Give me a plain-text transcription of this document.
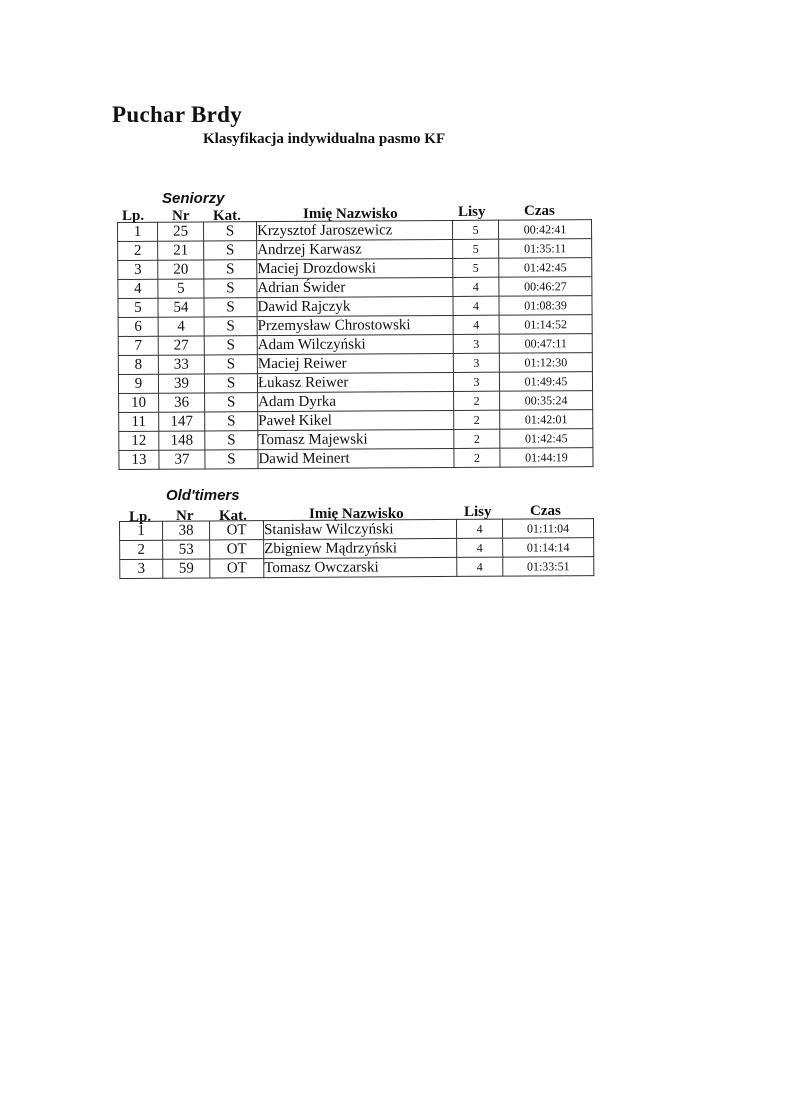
Puchar Brdy
Klasyfikacja indywidualna pasmo KF
Seniorzy
Lp. Nr Kat.	Imię Nazwisko	Lisy	Czas
1	25	S	Krzysztof Jaroszewicz	5	00:42:41
2	21	S	Andrzej Karwasz	5	01:35:11
3	20	S	Maciej Drozdowski	5	01:42:45
4	5	S	Adrian Świder	4	00:46:27
5	54	S	Dawid Rajczyk	4	01:08:39
6	4	S	Przemysław Chrostowski	4	01:14:52
7	27	S	Adam Wilczyński	3	00:47:11
8	33	S	Maciej Reiwer	3	01:12:30
9	39	S	Łukasz Reiwer	3	01:49:45
10	36	S	Adam Dyrka	2	00:35:24
11	147	S	Paweł Kikel	2	01:42:01
12	148	S	Tomasz Majewski	2	01:42:45
13	37	S	Dawid Meinert	2	01:44:19
Old'timers
Lp. Nr Kat.	Imię Nazwisko	Lisy	Czas
1	38	OT	Stanisław Wilczyński	4	01:11:04
2	53	OT	Zbigniew Mądrzyński	4	01:14:14
3	59	OT	Tomasz Owczarski	4	01:33:51
